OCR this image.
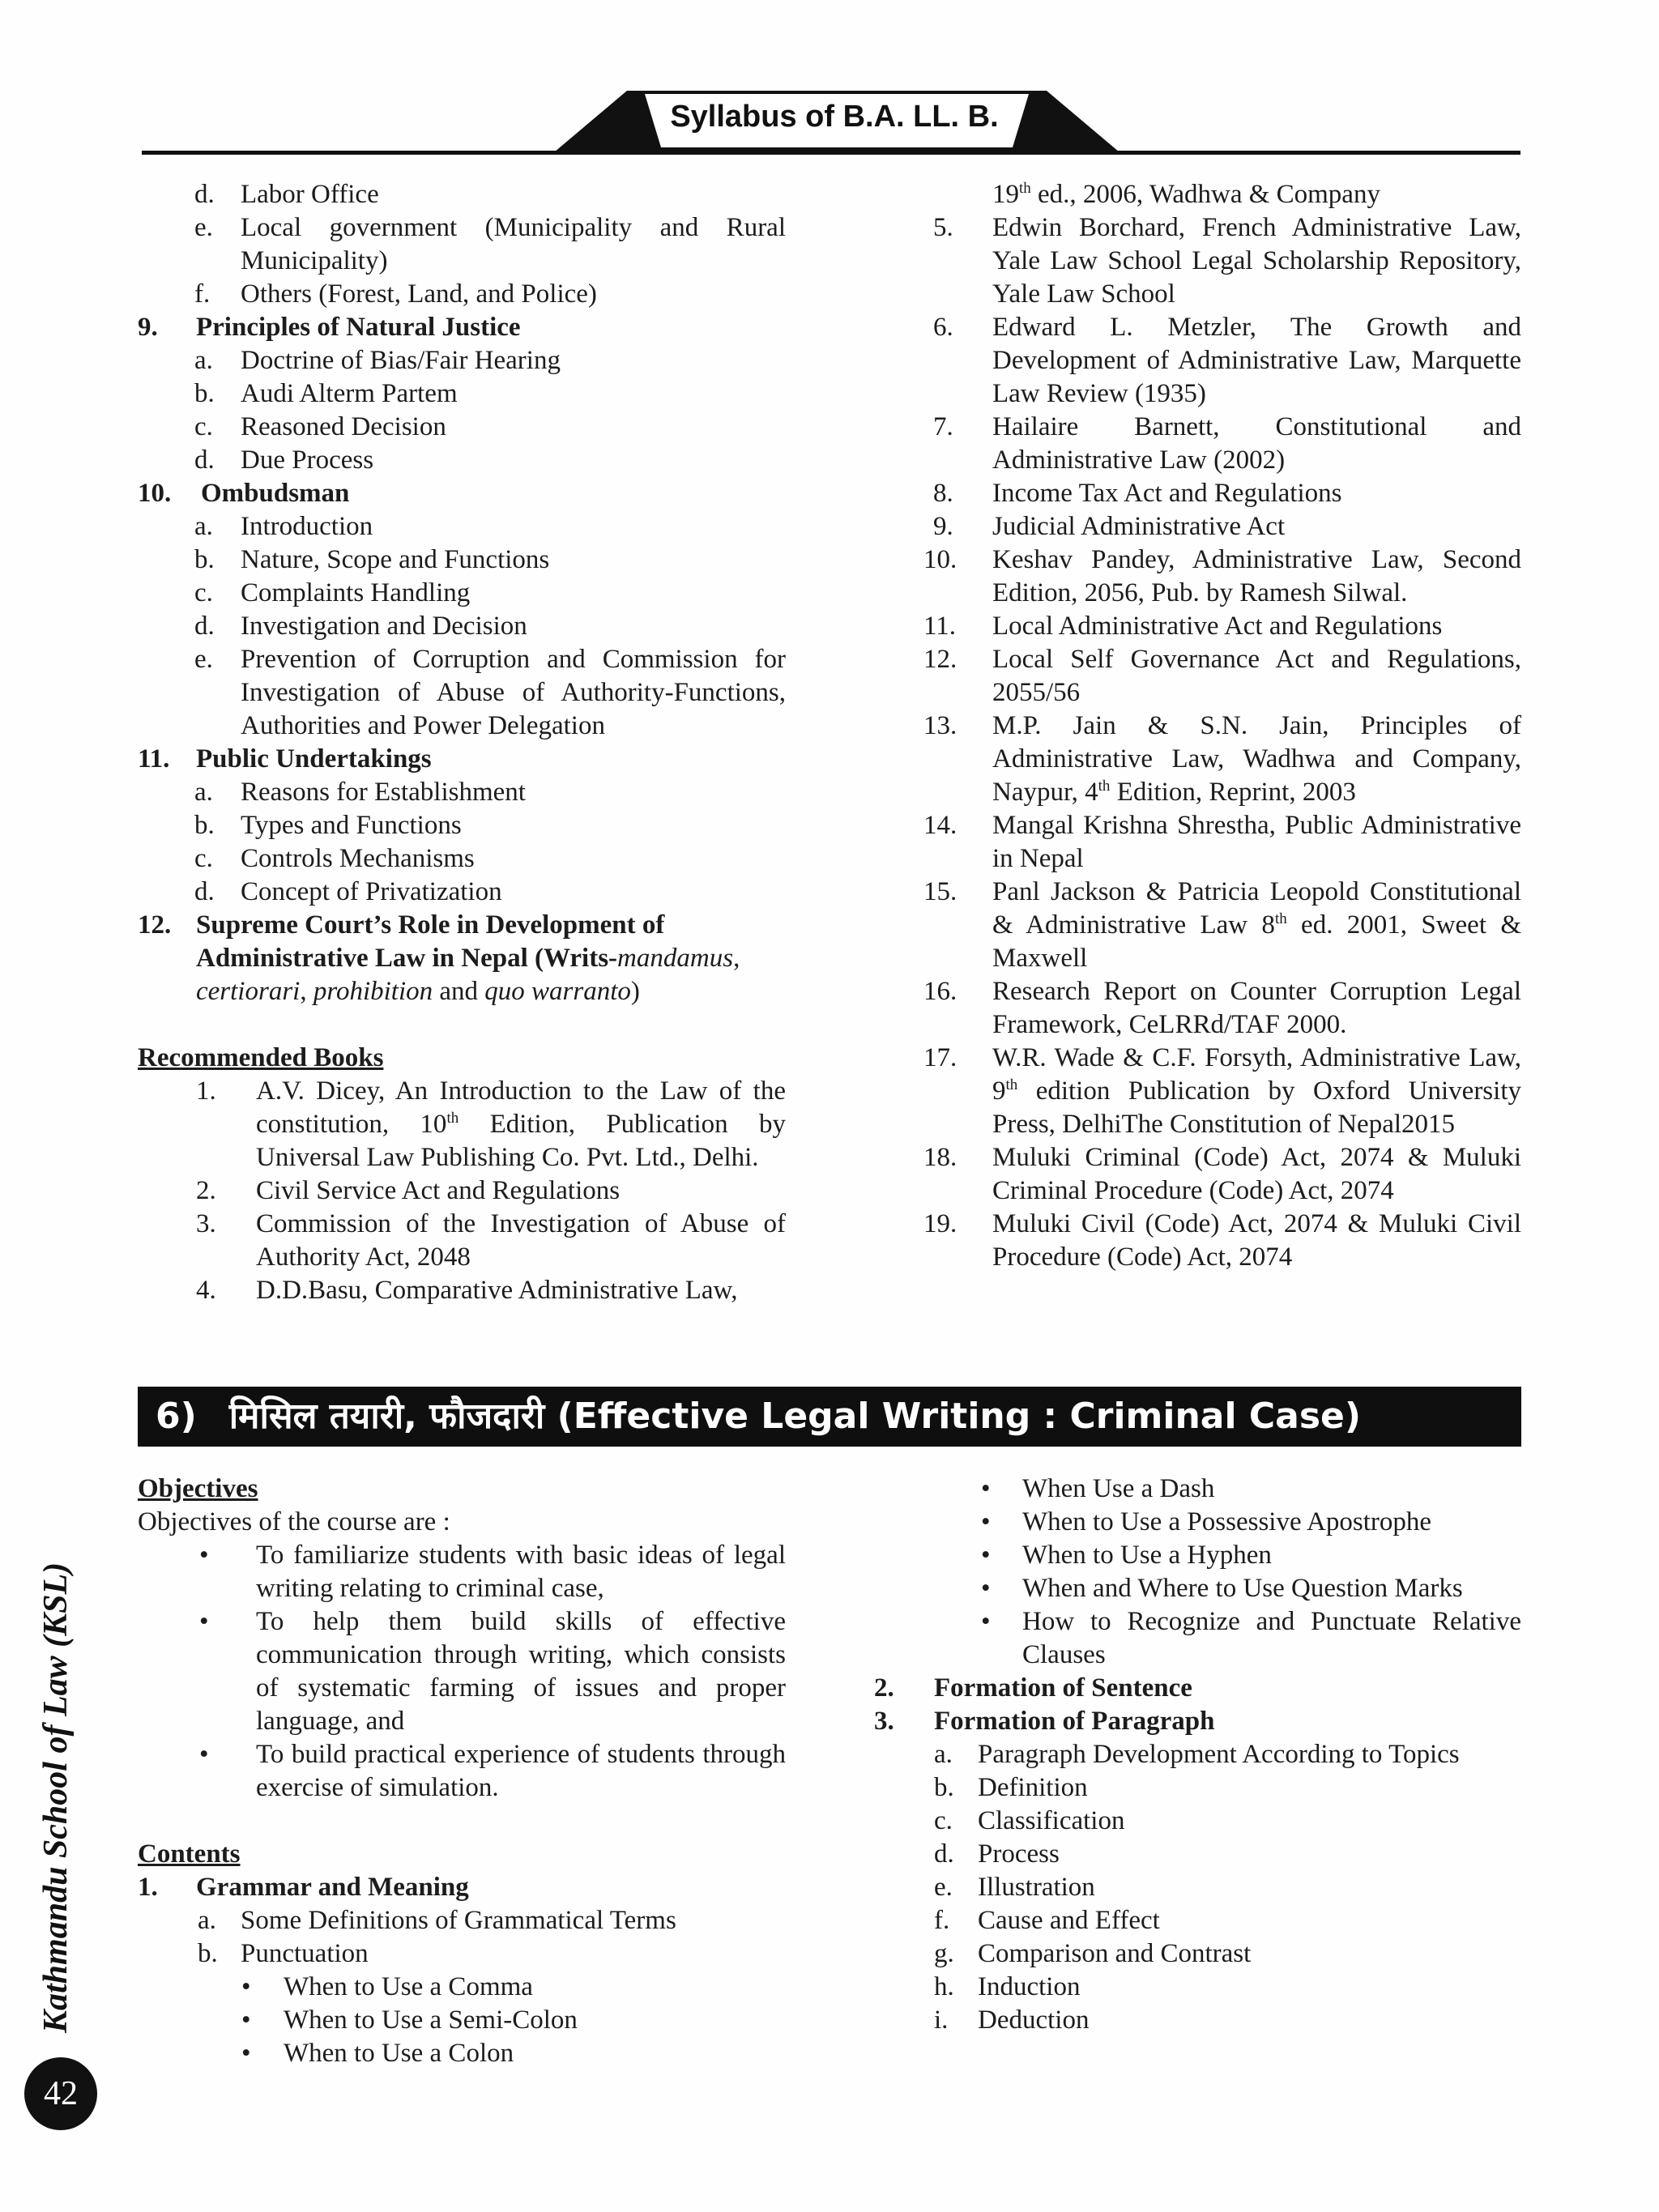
Syllabus of B.A. LL. B.
d. Labor Office
e. Local government (Municipality and Rural Municipality)
f. Others (Forest, Land, and Police)
9. Principles of Natural Justice
a. Doctrine of Bias/Fair Hearing
b. Audi Alterm Partem
c. Reasoned Decision
d. Due Process
10. Ombudsman
a. Introduction
b. Nature, Scope and Functions
c. Complaints Handling
d. Investigation and Decision
e. Prevention of Corruption and Commission for Investigation of Abuse of Authority-Functions, Authorities and Power Delegation
11. Public Undertakings
a. Reasons for Establishment
b. Types and Functions
c. Controls Mechanisms
d. Concept of Privatization
12. Supreme Court’s Role in Development of Administrative Law in Nepal (Writs-mandamus, certiorari, prohibition and quo warranto)
Recommended Books
1. A.V. Dicey, An Introduction to the Law of the constitution, 10th Edition, Publication by Universal Law Publishing Co. Pvt. Ltd., Delhi.
2. Civil Service Act and Regulations
3. Commission of the Investigation of Abuse of Authority Act, 2048
4. D.D.Basu, Comparative Administrative Law,
19th ed., 2006, Wadhwa & Company
5. Edwin Borchard, French Administrative Law, Yale Law School Legal Scholarship Repository, Yale Law School
6. Edward L. Metzler, The Growth and Development of Administrative Law, Marquette Law Review (1935)
7. Hailaire Barnett, Constitutional and Administrative Law (2002)
8. Income Tax Act and Regulations
9. Judicial Administrative Act
10. Keshav Pandey, Administrative Law, Second Edition, 2056, Pub. by Ramesh Silwal.
11. Local Administrative Act and Regulations
12. Local Self Governance Act and Regulations, 2055/56
13. M.P. Jain & S.N. Jain, Principles of Administrative Law, Wadhwa and Company, Naypur, 4th Edition, Reprint, 2003
14. Mangal Krishna Shrestha, Public Administrative in Nepal
15. Panl Jackson & Patricia Leopold Constitutional & Administrative Law 8th ed. 2001, Sweet & Maxwell
16. Research Report on Counter Corruption Legal Framework, CeLRRd/TAF 2000.
17. W.R. Wade & C.F. Forsyth, Administrative Law, 9th edition Publication by Oxford University Press, DelhiThe Constitution of Nepal2015
18. Muluki Criminal (Code) Act, 2074 & Muluki Criminal Procedure (Code) Act, 2074
19. Muluki Civil (Code) Act, 2074 & Muluki Civil Procedure (Code) Act, 2074
6) मिसिल तयारी, फौजदारी (Effective Legal Writing : Criminal Case)
Objectives
Objectives of the course are :
• To familiarize students with basic ideas of legal writing relating to criminal case,
• To help them build skills of effective communication through writing, which consists of systematic farming of issues and proper language, and
• To build practical experience of students through exercise of simulation.
Contents
1. Grammar and Meaning
a. Some Definitions of Grammatical Terms
b. Punctuation
• When to Use a Comma
• When to Use a Semi-Colon
• When to Use a Colon
• When Use a Dash
• When to Use a Possessive Apostrophe
• When to Use a Hyphen
• When and Where to Use Question Marks
• How to Recognize and Punctuate Relative Clauses
2. Formation of Sentence
3. Formation of Paragraph
a. Paragraph Development According to Topics
b. Definition
c. Classification
d. Process
e. Illustration
f. Cause and Effect
g. Comparison and Contrast
h. Induction
i. Deduction
Kathmandu School of Law (KSL)
42
